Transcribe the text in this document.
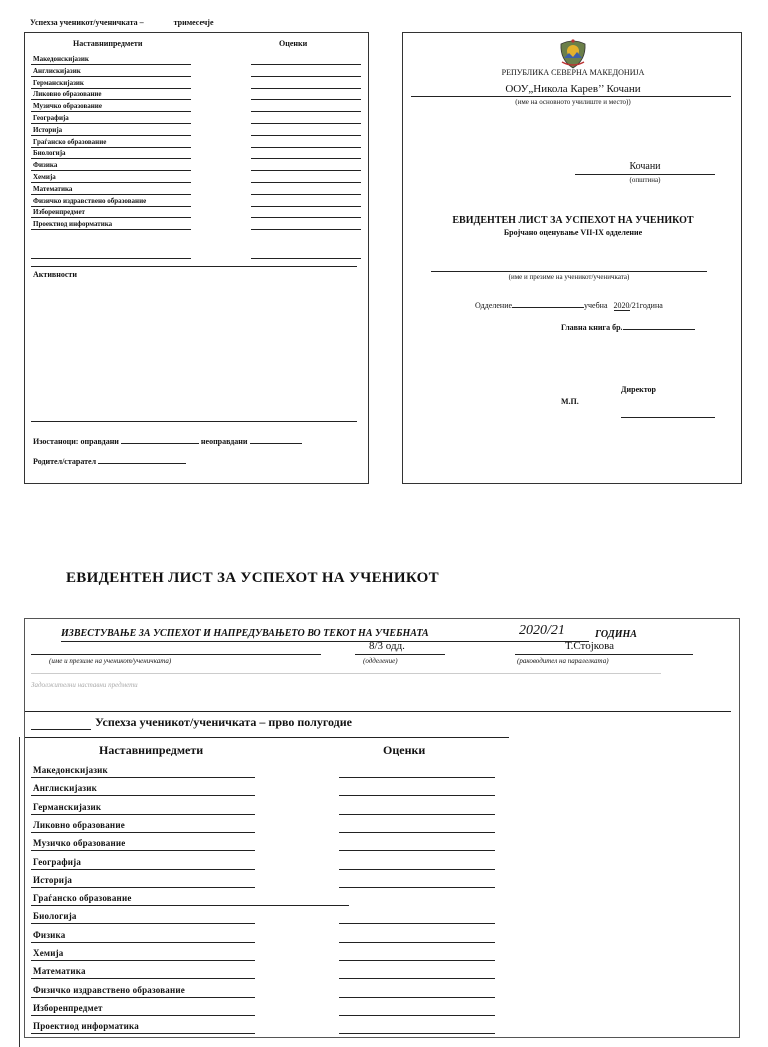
Успехза ученикот/ученичката –	тримесечје
Наставнипредмети	Оценки
Македонскијазик
Англискијазик
Германскијазик
Ликовно образование
Музичко образование
Географија
Историја
Граѓанско образование
Биологија
Физика
Хемија
Математика
Физичко издравствено образование
Изборенпредмет
Проектиод информатика
Активности
Изостаноци: оправдани	неоправдани
Родител/старател
РЕПУБЛИКА СЕВЕРНА МАКЕДОНИЈА
ООУ„Никола Карев’’ Кочани
(име на основното училиште и место))
Кочани
(општина)
ЕВИДЕНТЕН ЛИСТ ЗА УСПЕХОТ НА УЧЕНИКОТ
Бројчано оценување VII-IX одделение
(име и презиме на ученикот/ученичката)
Одделение	учебна 2020/21година
Главна книга бр.
Директор
М.П.
ЕВИДЕНТЕН ЛИСТ ЗА УСПЕХОТ НА УЧЕНИКОТ
ИЗВЕСТУВАЊЕ ЗА УСПЕХОТ И НАПРЕДУВАЊЕТО ВО ТЕКОТ НА УЧЕБНАТА	2020/21	ГОДИНА
8/3 одд.	Т.Стојкова
(име и презиме на ученикот/ученичката)	(одделение)	(раководител на паралелката)
Задолжителни наставни предмети
Успехза ученикот/ученичката – прво полугодие
Наставнипредмети	Оценки
Македонскијазик
Англискијазик
Германскијазик
Ликовно образование
Музичко образование
Географија
Историја
Граѓанско образование
Биологија
Физика
Хемија
Математика
Физичко издравствено образование
Изборенпредмет
Проектиод информатика
